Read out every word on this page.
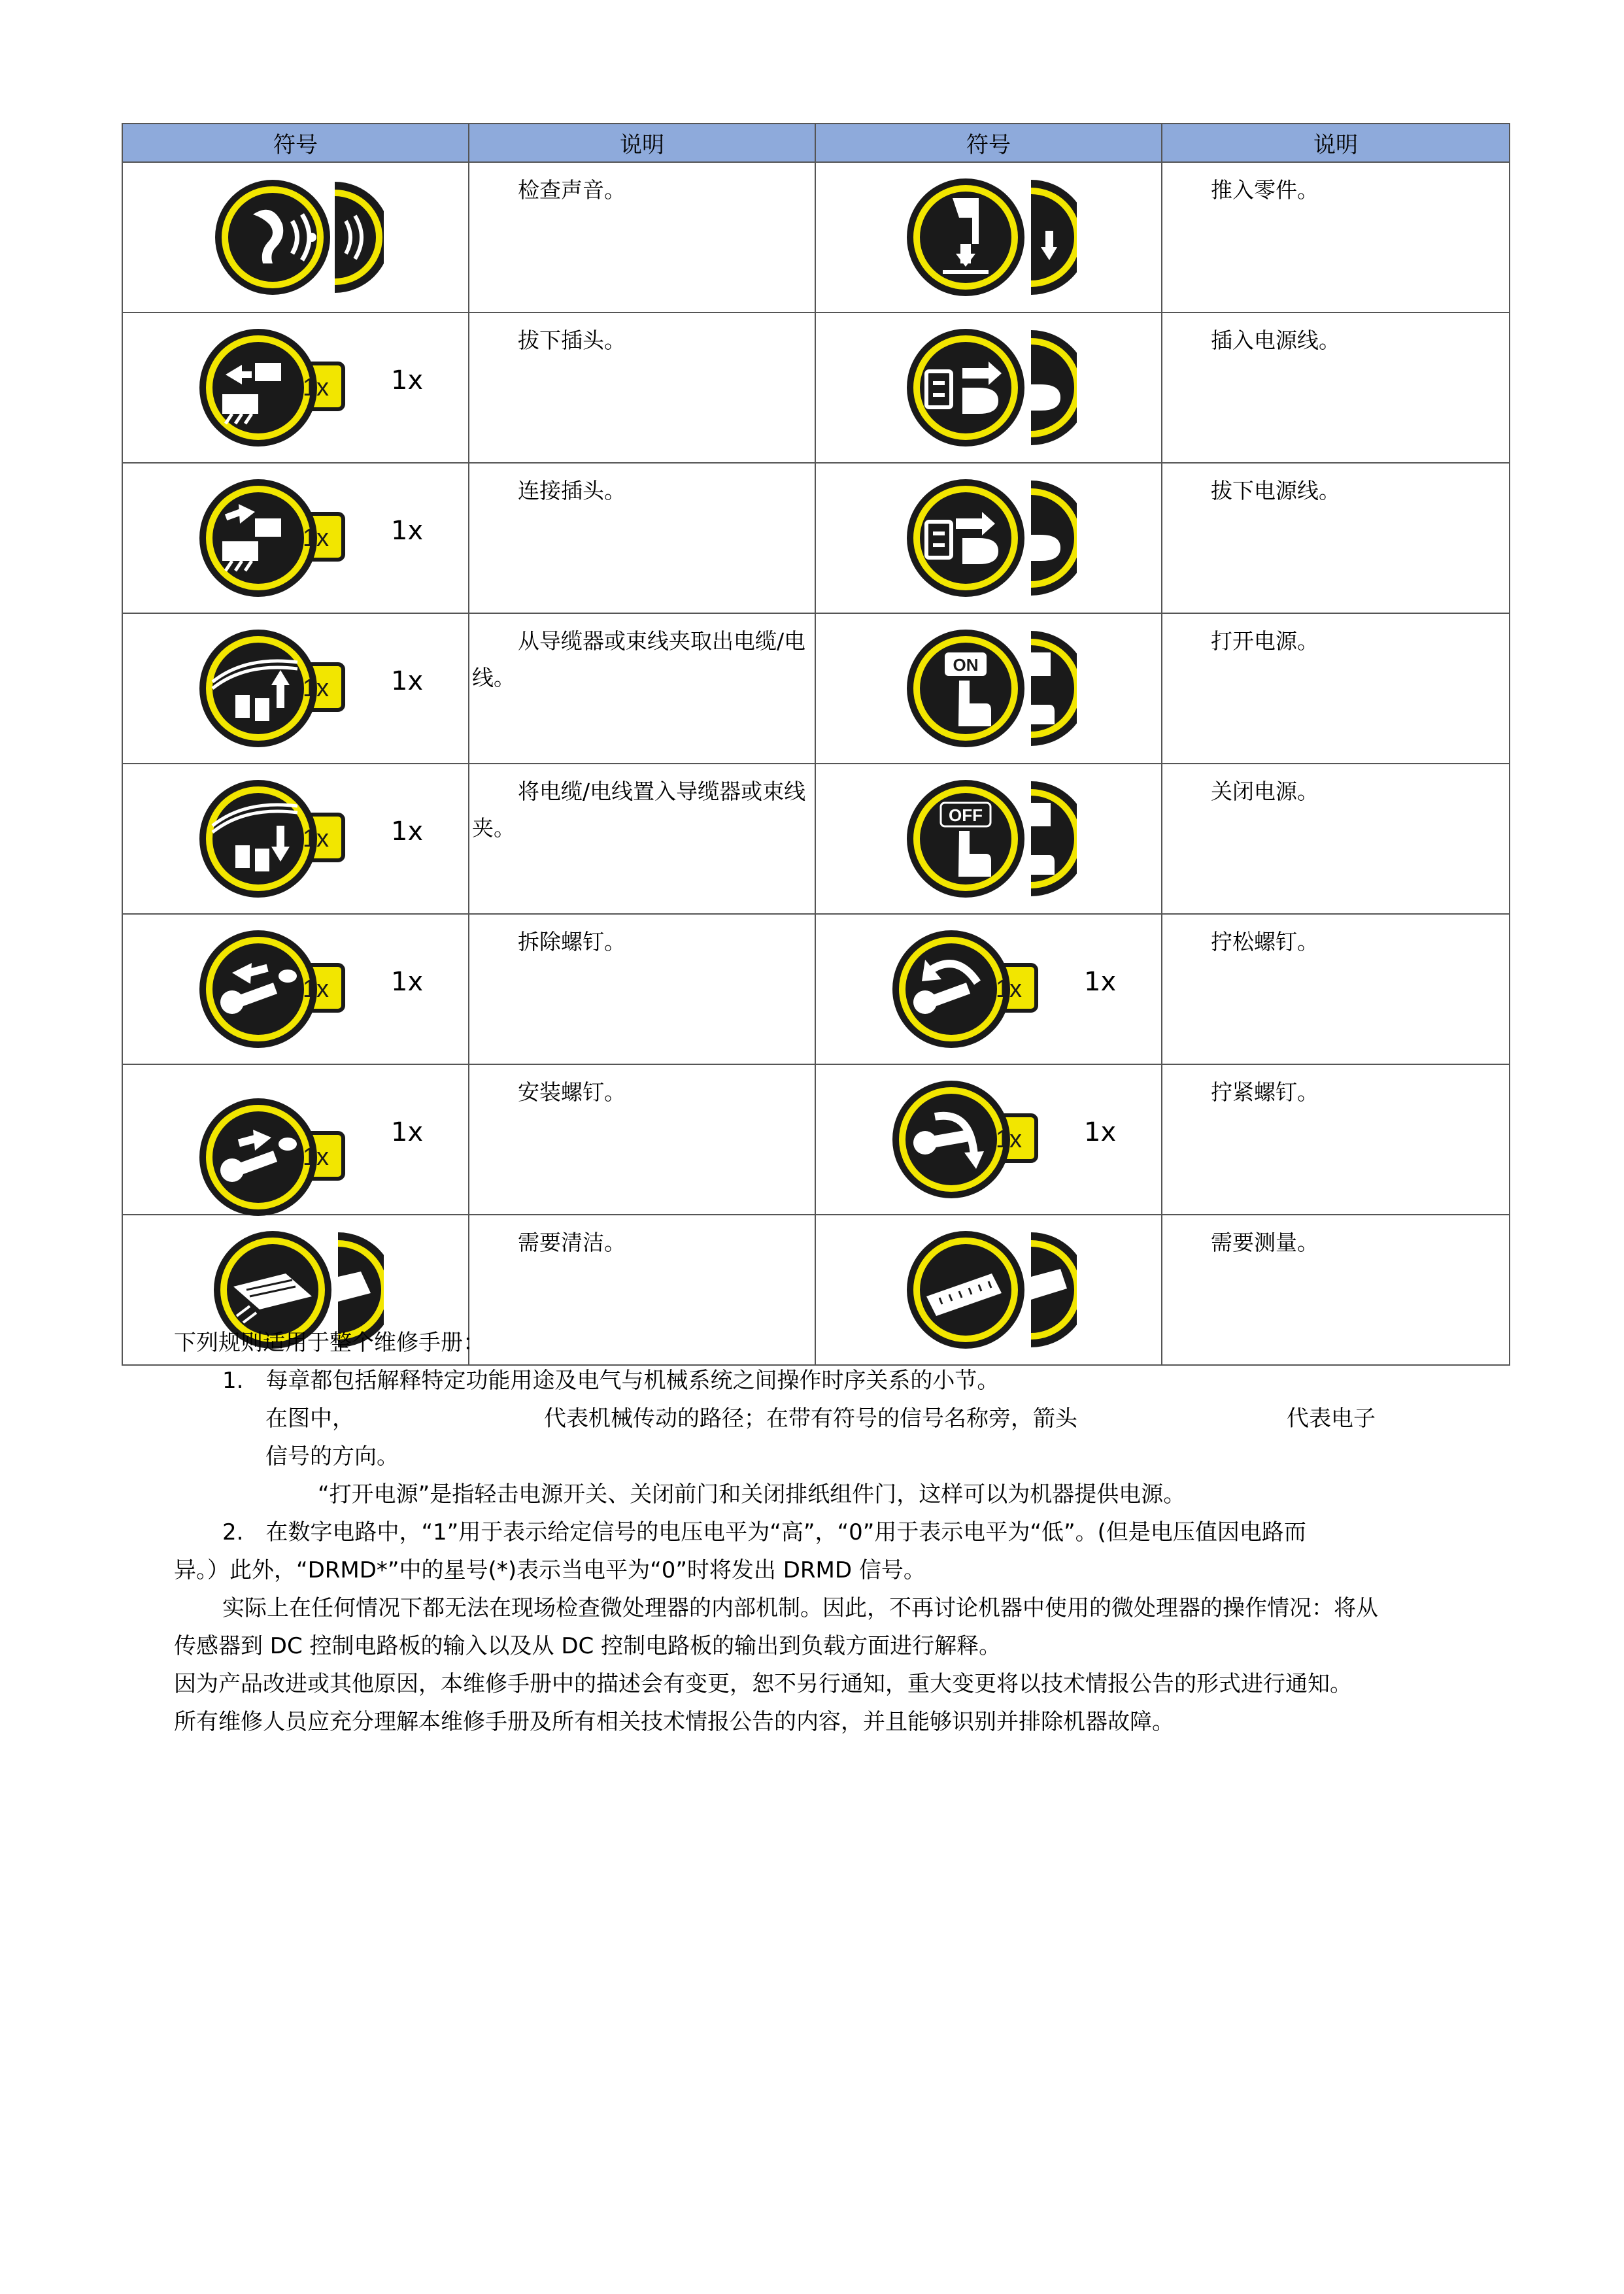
符号	说明	符号	说明

	检查声音。		推入零件。

1x 1x	拔下插头。		插入电源线。

1x 1x	连接插头。		拔下电源线。

1x 1x	从导缆器或束线夹取出电缆/电线。	ON	打开电源。

1x 1x	将电缆/电线置入导缆器或束线夹。	OFF	关闭电源。

1x 1x	拆除螺钉。	1x 1x	拧松螺钉。

1x
1x	安装螺钉。	1x 1x	拧紧螺钉。

	需要清洁。		需要测量。

下列规则适用于整个维修手册：

1.　每章都包括解释特定功能用途及电气与机械系统之间操作时序关系的小节。

在图中，	代表机械传动的路径；在带有符号的信号名称旁，箭头	代表电子

信号的方向。

“打开电源”是指轻击电源开关、关闭前门和关闭排纸组件门，这样可以为机器提供电源。

2.　在数字电路中，“1”用于表示给定信号的电压电平为“高”，“0”用于表示电平为“低”。(但是电压值因电路而

异。）此外，“DRMD*”中的星号(*)表示当电平为“0”时将发出 DRMD 信号。

实际上在任何情况下都无法在现场检查微处理器的内部机制。因此，不再讨论机器中使用的微处理器的操作情况：将从

传感器到 DC 控制电路板的输入以及从 DC 控制电路板的输出到负载方面进行解释。

因为产品改进或其他原因，本维修手册中的描述会有变更，恕不另行通知，重大变更将以技术情报公告的形式进行通知。

所有维修人员应充分理解本维修手册及所有相关技术情报公告的内容，并且能够识别并排除机器故障。
